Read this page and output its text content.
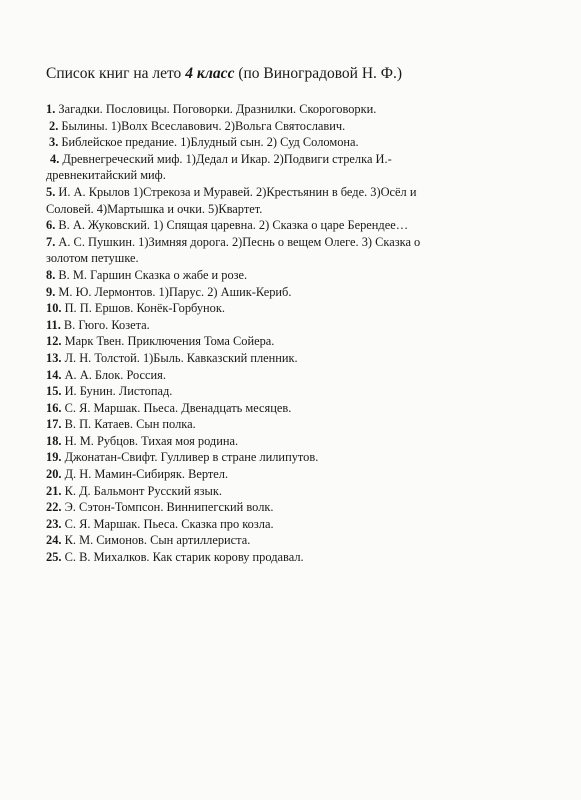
Список книг на лето 4 класс (по Виноградовой Н. Ф.)
1. Загадки. Пословицы. Поговорки. Дразнилки. Скороговорки.
2. Былины. 1)Волх Всеславович. 2)Вольга Святославич.
3. Библейское предание. 1)Блудный сын. 2) Суд Соломона.
4. Древнегреческий миф. 1)Дедал и Икар. 2)Подвиги стрелка И.-
древнекитайский миф.
5. И. А. Крылов 1)Стрекоза и Муравей. 2)Крестьянин в беде. 3)Осёл и
Соловей. 4)Мартышка и очки. 5)Квартет.
6. В. А. Жуковский. 1) Спящая царевна. 2) Сказка о царе Берендее…
7. А. С. Пушкин. 1)Зимняя дорога. 2)Песнь о вещем Олеге. 3) Сказка о
золотом петушке.
8. В. М. Гаршин Сказка о жабе и розе.
9. М. Ю. Лермонтов. 1)Парус. 2) Ашик-Кериб.
10. П. П. Ершов. Конёк-Горбунок.
11. В. Гюго. Козета.
12. Марк Твен. Приключения Тома Сойера.
13. Л. Н. Толстой. 1)Быль. Кавказский пленник.
14. А. А. Блок. Россия.
15. И. Бунин. Листопад.
16. С. Я. Маршак. Пьеса. Двенадцать месяцев.
17. В. П. Катаев. Сын полка.
18. Н. М. Рубцов. Тихая моя родина.
19. Джонатан-Свифт. Гулливер в стране лилипутов.
20. Д. Н. Мамин-Сибиряк. Вертел.
21. К. Д. Бальмонт Русский язык.
22. Э. Сэтон-Томпсон. Виннипегский волк.
23. С. Я. Маршак. Пьеса. Сказка про козла.
24. К. М. Симонов. Сын артиллериста.
25. С. В. Михалков. Как старик корову продавал.
